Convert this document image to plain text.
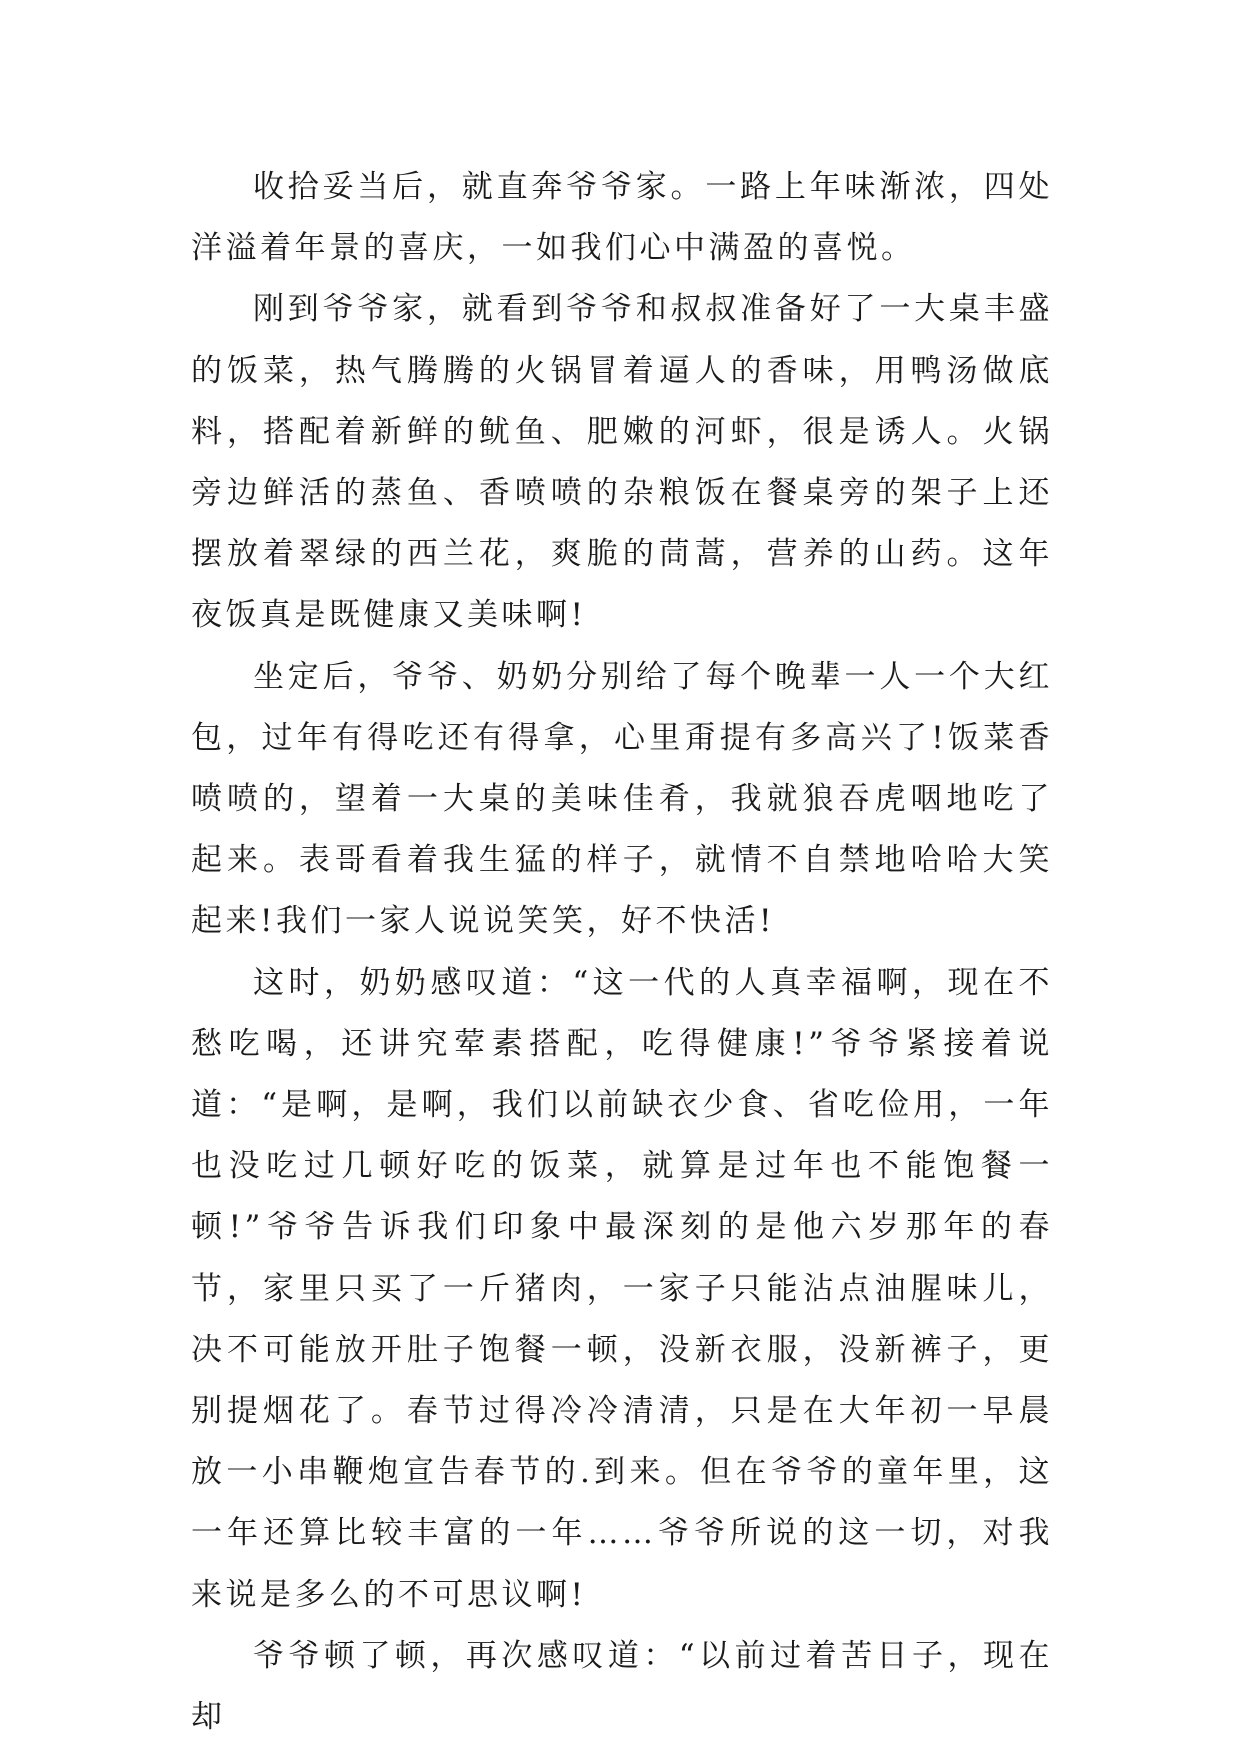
收拾妥当后，就直奔爷爷家。一路上年味渐浓，四处洋溢着年景的喜庆，一如我们心中满盈的喜悦。

刚到爷爷家，就看到爷爷和叔叔准备好了一大桌丰盛的饭菜，热气腾腾的火锅冒着逼人的香味，用鸭汤做底料，搭配着新鲜的鱿鱼、肥嫩的河虾，很是诱人。火锅旁边鲜活的蒸鱼、香喷喷的杂粮饭在餐桌旁的架子上还摆放着翠绿的西兰花，爽脆的茼蒿，营养的山药。这年夜饭真是既健康又美味啊!

坐定后，爷爷、奶奶分别给了每个晚辈一人一个大红包，过年有得吃还有得拿，心里甭提有多高兴了!饭菜香喷喷的，望着一大桌的美味佳肴，我就狼吞虎咽地吃了起来。表哥看着我生猛的样子，就情不自禁地哈哈大笑起来!我们一家人说说笑笑，好不快活!

这时，奶奶感叹道：“这一代的人真幸福啊，现在不愁吃喝，还讲究荤素搭配，吃得健康!”爷爷紧接着说道：“是啊，是啊，我们以前缺衣少食、省吃俭用，一年也没吃过几顿好吃的饭菜，就算是过年也不能饱餐一顿!”爷爷告诉我们印象中最深刻的是他六岁那年的春节，家里只买了一斤猪肉，一家子只能沾点油腥味儿，决不可能放开肚子饱餐一顿，没新衣服，没新裤子，更别提烟花了。春节过得冷冷清清，只是在大年初一早晨放一小串鞭炮宣告春节的.到来。但在爷爷的童年里，这一年还算比较丰富的一年……爷爷所说的这一切，对我来说是多么的不可思议啊!

爷爷顿了顿，再次感叹道：“以前过着苦日子，现在却
